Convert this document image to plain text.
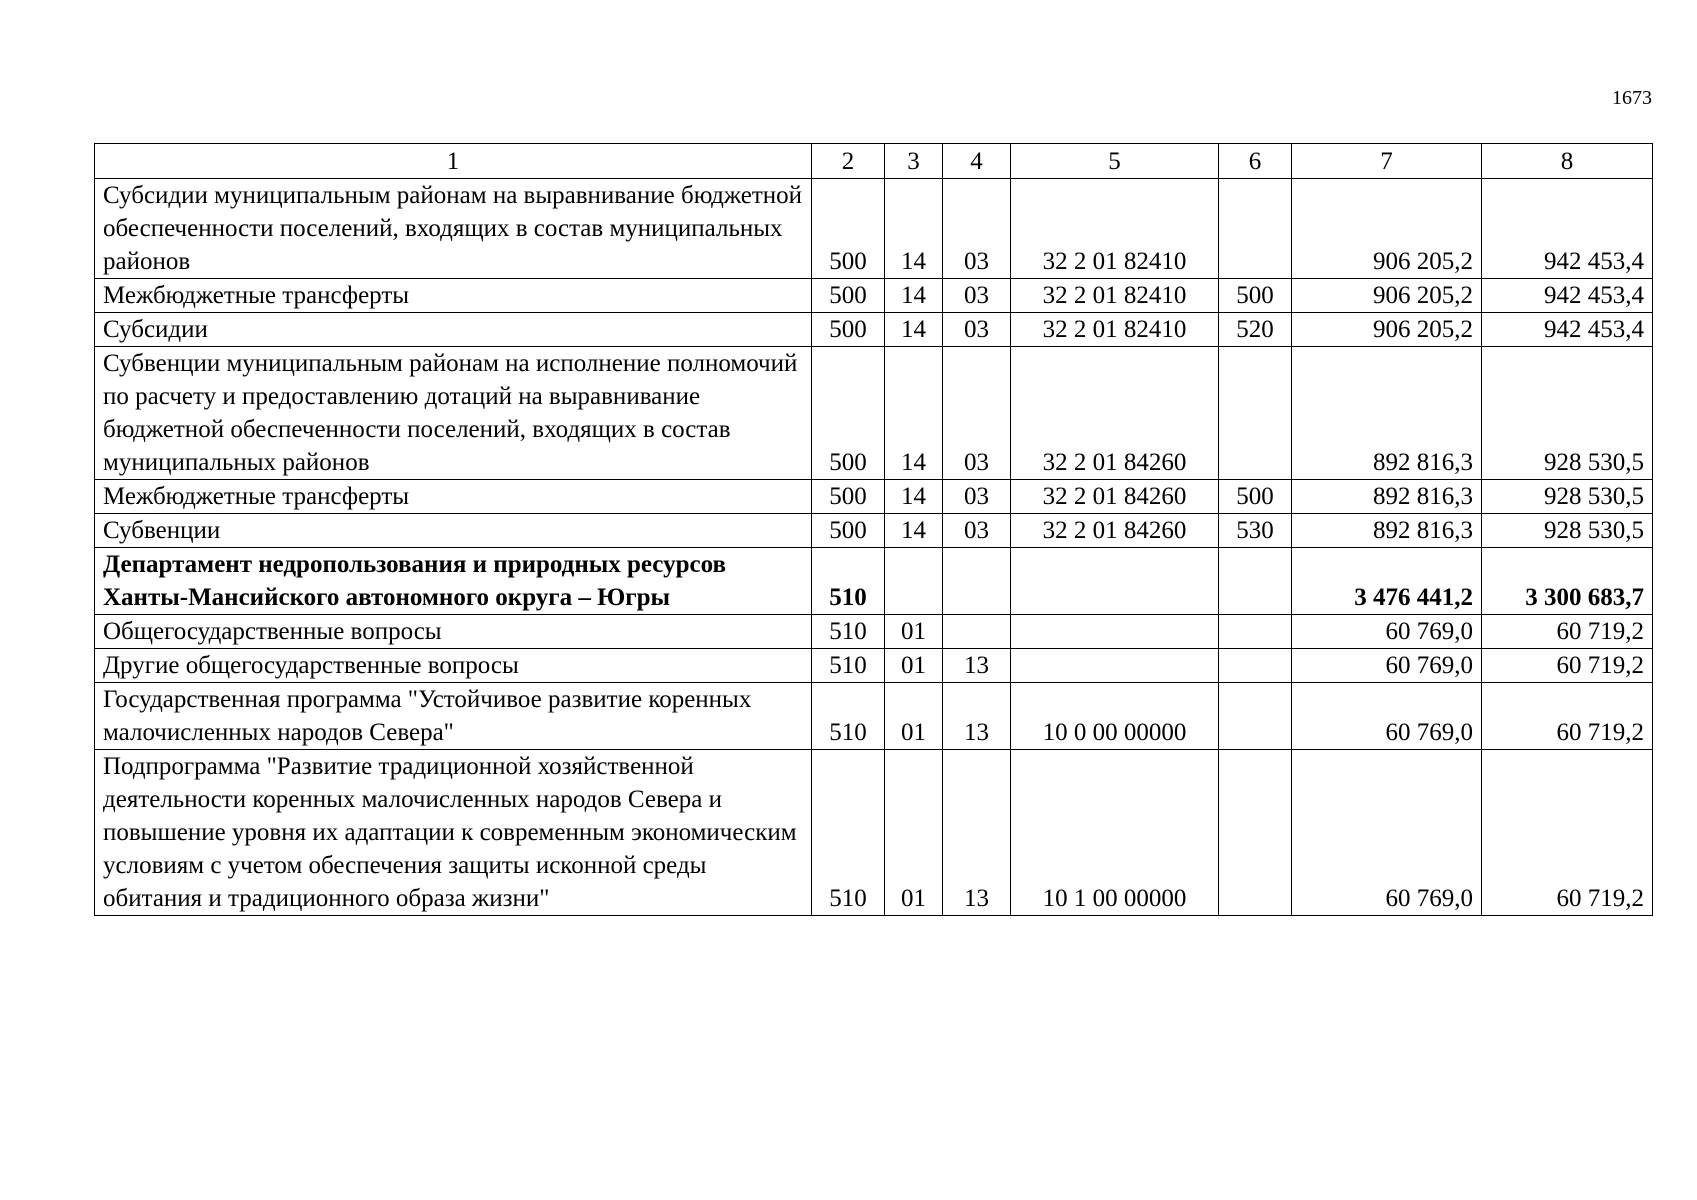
1673
1	2	3	4	5	6	7	8
Субсидии муниципальным районам на выравнивание бюджетной обеспеченности поселений, входящих в состав муниципальных районов	500	14	03	32 2 01 82410		906 205,2	942 453,4
Межбюджетные трансферты	500	14	03	32 2 01 82410	500	906 205,2	942 453,4
Субсидии	500	14	03	32 2 01 82410	520	906 205,2	942 453,4
Субвенции муниципальным районам на исполнение полномочий по расчету и предоставлению дотаций на выравнивание бюджетной обеспеченности поселений, входящих в состав муниципальных районов	500	14	03	32 2 01 84260		892 816,3	928 530,5
Межбюджетные трансферты	500	14	03	32 2 01 84260	500	892 816,3	928 530,5
Субвенции	500	14	03	32 2 01 84260	530	892 816,3	928 530,5
Департамент недропользования и природных ресурсов Ханты-Мансийского автономного округа – Югры	510					3 476 441,2	3 300 683,7
Общегосударственные вопросы	510	01				60 769,0	60 719,2
Другие общегосударственные вопросы	510	01	13			60 769,0	60 719,2
Государственная программа "Устойчивое развитие коренных малочисленных народов Севера"	510	01	13	10 0 00 00000		60 769,0	60 719,2
Подпрограмма "Развитие традиционной хозяйственной деятельности коренных малочисленных народов Севера и повышение уровня их адаптации к современным экономическим условиям с учетом обеспечения защиты исконной среды обитания и традиционного образа жизни"	510	01	13	10 1 00 00000		60 769,0	60 719,2
